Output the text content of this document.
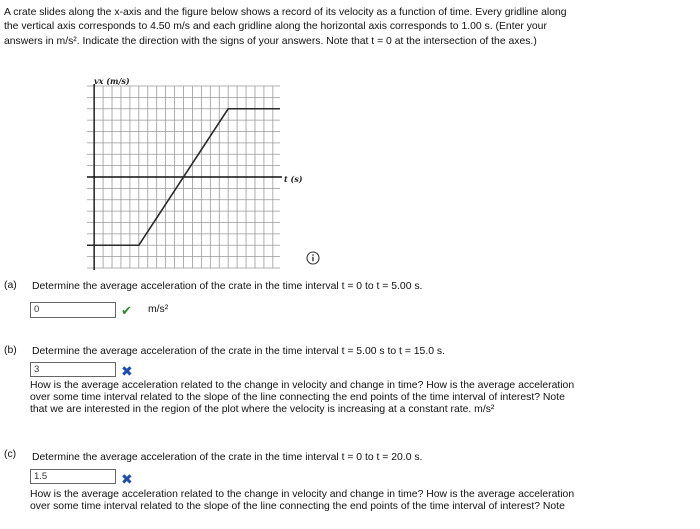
A crate slides along the x-axis and the figure below shows a record of its velocity as a function of time. Every gridline along
the vertical axis corresponds to 4.50 m/s and each gridline along the horizontal axis corresponds to 1.00 s. (Enter your
answers in m/s². Indicate the direction with the signs of your answers. Note that t = 0 at the intersection of the axes.)
vx (m/s)
t (s)
(a) Determine the average acceleration of the crate in the time interval t = 0 to t = 5.00 s.
0	✔ m/s²
(b) Determine the average acceleration of the crate in the time interval t = 5.00 s to t = 15.0 s.
3	✖
How is the average acceleration related to the change in velocity and change in time? How is the average acceleration
over some time interval related to the slope of the line connecting the end points of the time interval of interest? Note
that we are interested in the region of the plot where the velocity is increasing at a constant rate. m/s²
(c) Determine the average acceleration of the crate in the time interval t = 0 to t = 20.0 s.
1.5	✖
How is the average acceleration related to the change in velocity and change in time? How is the average acceleration
over some time interval related to the slope of the line connecting the end points of the time interval of interest? Note
